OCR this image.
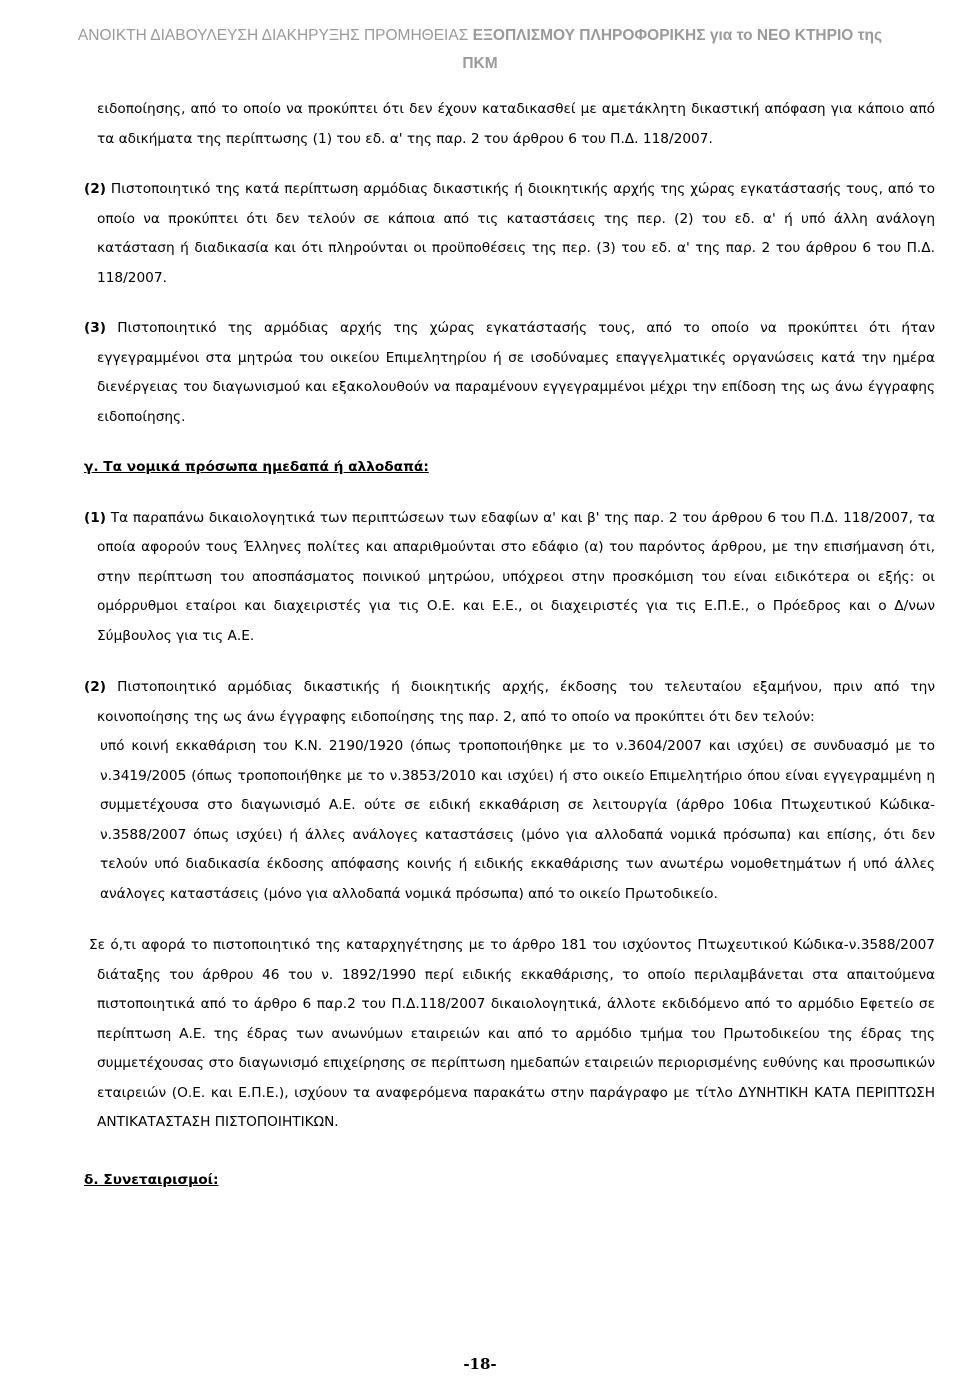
ΑΝΟΙΚΤΗ ΔΙΑΒΟΥΛΕΥΣΗ ΔΙΑΚΗΡΥΞΗΣ ΠΡΟΜΗΘΕΙΑΣ ΕΞΟΠΛΙΣΜΟΥ ΠΛΗΡΟΦΟΡΙΚΗΣ για το ΝΕΟ ΚΤΗΡΙΟ της
ΠΚΜ

ειδοποίησης, από το οποίο να προκύπτει ότι δεν έχουν καταδικασθεί με αμετάκλητη δικαστική απόφαση για κάποιο από τα αδικήματα της περίπτωσης (1) του εδ. α' της παρ. 2 του άρθρου 6 του Π.Δ. 118/2007.

(2) Πιστοποιητικό της κατά περίπτωση αρμόδιας δικαστικής ή διοικητικής αρχής της χώρας εγκατάστασής τους, από το οποίο να προκύπτει ότι δεν τελούν σε κάποια από τις καταστάσεις της περ. (2) του εδ. α' ή υπό άλλη ανάλογη κατάσταση ή διαδικασία και ότι πληρούνται οι προϋποθέσεις της περ. (3) του εδ. α' της παρ. 2 του άρθρου 6 του Π.Δ. 118/2007.

(3) Πιστοποιητικό της αρμόδιας αρχής της χώρας εγκατάστασής τους, από το οποίο να προκύπτει ότι ήταν εγγεγραμμένοι στα μητρώα του οικείου Επιμελητηρίου ή σε ισοδύναμες επαγγελματικές οργανώσεις κατά την ημέρα διενέργειας του διαγωνισμού και εξακολουθούν να παραμένουν εγγεγραμμένοι μέχρι την επίδοση της ως άνω έγγραφης ειδοποίησης.

γ. Τα νομικά πρόσωπα ημεδαπά ή αλλοδαπά:

(1) Τα παραπάνω δικαιολογητικά των περιπτώσεων των εδαφίων α' και β' της παρ. 2 του άρθρου 6 του Π.Δ. 118/2007, τα οποία αφορούν τους Έλληνες πολίτες και απαριθμούνται στο εδάφιο (α) του παρόντος άρθρου, με την επισήμανση ότι, στην περίπτωση του αποσπάσματος ποινικού μητρώου, υπόχρεοι στην προσκόμιση του είναι ειδικότερα οι εξής: οι ομόρρυθμοι εταίροι και διαχειριστές για τις Ο.Ε. και Ε.Ε., οι διαχειριστές για τις Ε.Π.Ε., ο Πρόεδρος και ο Δ/νων Σύμβουλος για τις Α.Ε.

(2) Πιστοποιητικό αρμόδιας δικαστικής ή διοικητικής αρχής, έκδοσης του τελευταίου εξαμήνου, πριν από την κοινοποίησης της ως άνω έγγραφης ειδοποίησης της παρ. 2, από το οποίο να προκύπτει ότι δεν τελούν:

υπό κοινή εκκαθάριση του Κ.Ν. 2190/1920 (όπως τροποποιήθηκε με το ν.3604/2007 και ισχύει) σε συνδυασμό με το ν.3419/2005 (όπως τροποποιήθηκε με το ν.3853/2010 και ισχύει) ή στο οικείο Επιμελητήριο όπου είναι εγγεγραμμένη η συμμετέχουσα στο διαγωνισμό Α.Ε. ούτε σε ειδική εκκαθάριση σε λειτουργία (άρθρο 106ια Πτωχευτικού Κώδικα-ν.3588/2007 όπως ισχύει) ή άλλες ανάλογες καταστάσεις (μόνο για αλλοδαπά νομικά πρόσωπα) και επίσης, ότι δεν τελούν υπό διαδικασία έκδοσης απόφασης κοινής ή ειδικής εκκαθάρισης των ανωτέρω νομοθετημάτων ή υπό άλλες ανάλογες καταστάσεις (μόνο για αλλοδαπά νομικά πρόσωπα) από το οικείο Πρωτοδικείο.

Σε ό,τι αφορά το πιστοποιητικό της καταρχηγέτησης με το άρθρο 181 του ισχύοντος Πτωχευτικού Κώδικα-ν.3588/2007 διάταξης του άρθρου 46 του ν. 1892/1990 περί ειδικής εκκαθάρισης, το οποίο περιλαμβάνεται στα απαιτούμενα πιστοποιητικά από το άρθρο 6 παρ.2 του Π.Δ.118/2007 δικαιολογητικά, άλλοτε εκδιδόμενο από το αρμόδιο Εφετείο σε περίπτωση Α.Ε. της έδρας των ανωνύμων εταιρειών και από το αρμόδιο τμήμα του Πρωτοδικείου της έδρας της συμμετέχουσας στο διαγωνισμό επιχείρησης σε περίπτωση ημεδαπών εταιρειών περιορισμένης ευθύνης και προσωπικών εταιρειών (Ο.Ε. και Ε.Π.Ε.), ισχύουν τα αναφερόμενα παρακάτω στην παράγραφο με τίτλο ΔΥΝΗΤΙΚΗ ΚΑΤΑ ΠΕΡΙΠΤΩΣΗ ΑΝΤΙΚΑΤΑΣΤΑΣΗ ΠΙΣΤΟΠΟΙΗΤΙΚΩΝ.

δ. Συνεταιρισμοί:

-18-
